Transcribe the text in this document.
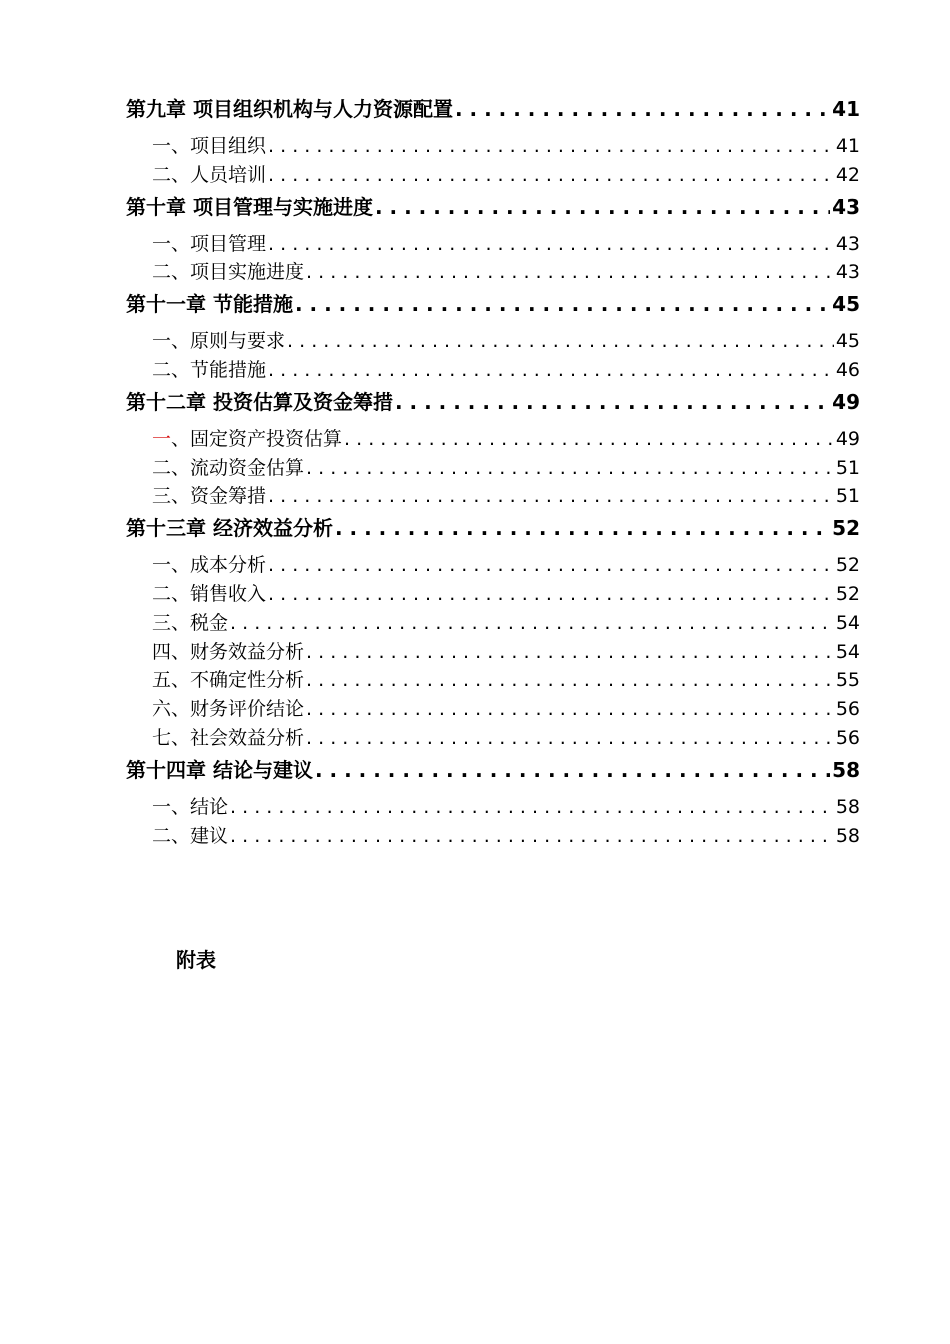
第九章 项目组织机构与人力资源配置 . . .	41
一、项目组织 . . .	41
二、人员培训 . . .	42
第十章 项目管理与实施进度 . . .	43
一、项目管理 . . .	43
二、项目实施进度 . . .	43
第十一章 节能措施 . . .	45
一、原则与要求 . . .	45
二、节能措施 . . .	46
第十二章 投资估算及资金筹措 . . .	49
一、固定资产投资估算 . . .	49
二、流动资金估算 . . .	51
三、资金筹措 . . .	51
第十三章 经济效益分析 . . .	52
一、成本分析 . . .	52
二、销售收入 . . .	52
三、税金 . . .	54
四、财务效益分析 . . .	54
五、不确定性分析 . . .	55
六、财务评价结论 . . .	56
七、社会效益分析 . . .	56
第十四章 结论与建议 . . .	58
一、结论 . . .	58
二、建议 . . .	58
附表
